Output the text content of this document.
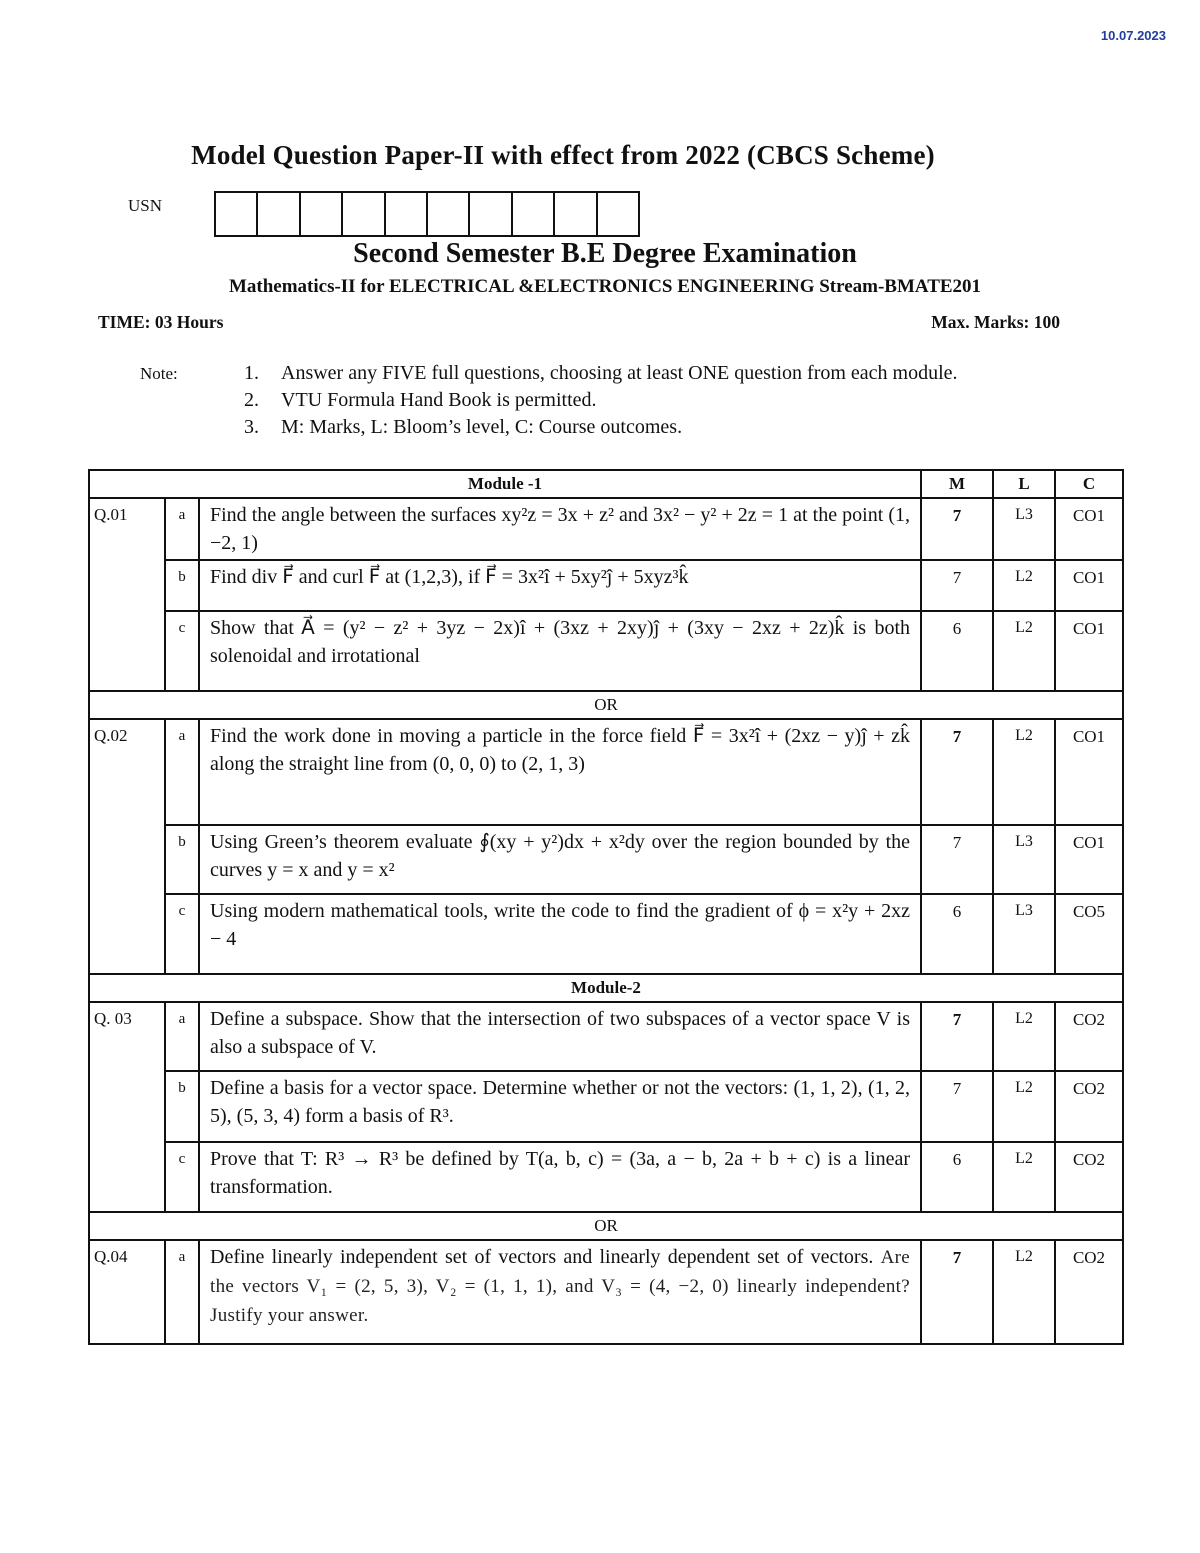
10.07.2023
Model Question Paper-II with effect from 2022 (CBCS Scheme)
USN
Second Semester B.E Degree Examination
Mathematics-II for ELECTRICAL &ELECTRONICS ENGINEERING Stream-BMATE201
TIME: 03 Hours	Max. Marks: 100
Note:	1.	Answer any FIVE full questions, choosing at least ONE question from each module.
2.	VTU Formula Hand Book is permitted.
3.	M: Marks, L: Bloom’s level, C: Course outcomes.
Module -1			M	L	C
Q.01	a	Find the angle between the surfaces xy²z = 3x + z² and 3x² − y² + 2z = 1 at the point (1, −2, 1)	7	L3	CO1
	b	Find div F⃗ and curl F⃗ at (1,2,3), if F⃗ = 3x²î + 5xy²ĵ + 5xyz³k̂	7	L2	CO1
	c	Show that A⃗ = (y² − z² + 3yz − 2x)î + (3xz + 2xy)ĵ + (3xy − 2xz + 2z)k̂ is both solenoidal and irrotational	6	L2	CO1
OR					
Q.02	a	Find the work done in moving a particle in the force field F⃗ = 3x²î + (2xz − y)ĵ + zk̂ along the straight line from (0, 0, 0) to (2, 1, 3)	7	L2	CO1
	b	Using Green’s theorem evaluate ∮(xy + y²)dx + x²dy over the region bounded by the curves y = x and y = x²	7	L3	CO1
	c	Using modern mathematical tools, write the code to find the gradient of ϕ = x²y + 2xz − 4	6	L3	CO5
Module-2					
Q. 03	a	Define a subspace. Show that the intersection of two subspaces of a vector space V is also a subspace of V.	7	L2	CO2
	b	Define a basis for a vector space. Determine whether or not the vectors: (1, 1, 2), (1, 2, 5), (5, 3, 4) form a basis of R³.	7	L2	CO2
	c	Prove that T: R³ → R³ be defined by T(a, b, c) = (3a, a − b, 2a + b + c) is a linear transformation.	6	L2	CO2
OR					
Q.04	a	Define linearly independent set of vectors and linearly dependent set of vectors. Are the vectors V₁ = (2, 5, 3), V₂ = (1, 1, 1), and V₃ = (4, −2, 0) linearly independent? Justify your answer.	7	L2	CO2
